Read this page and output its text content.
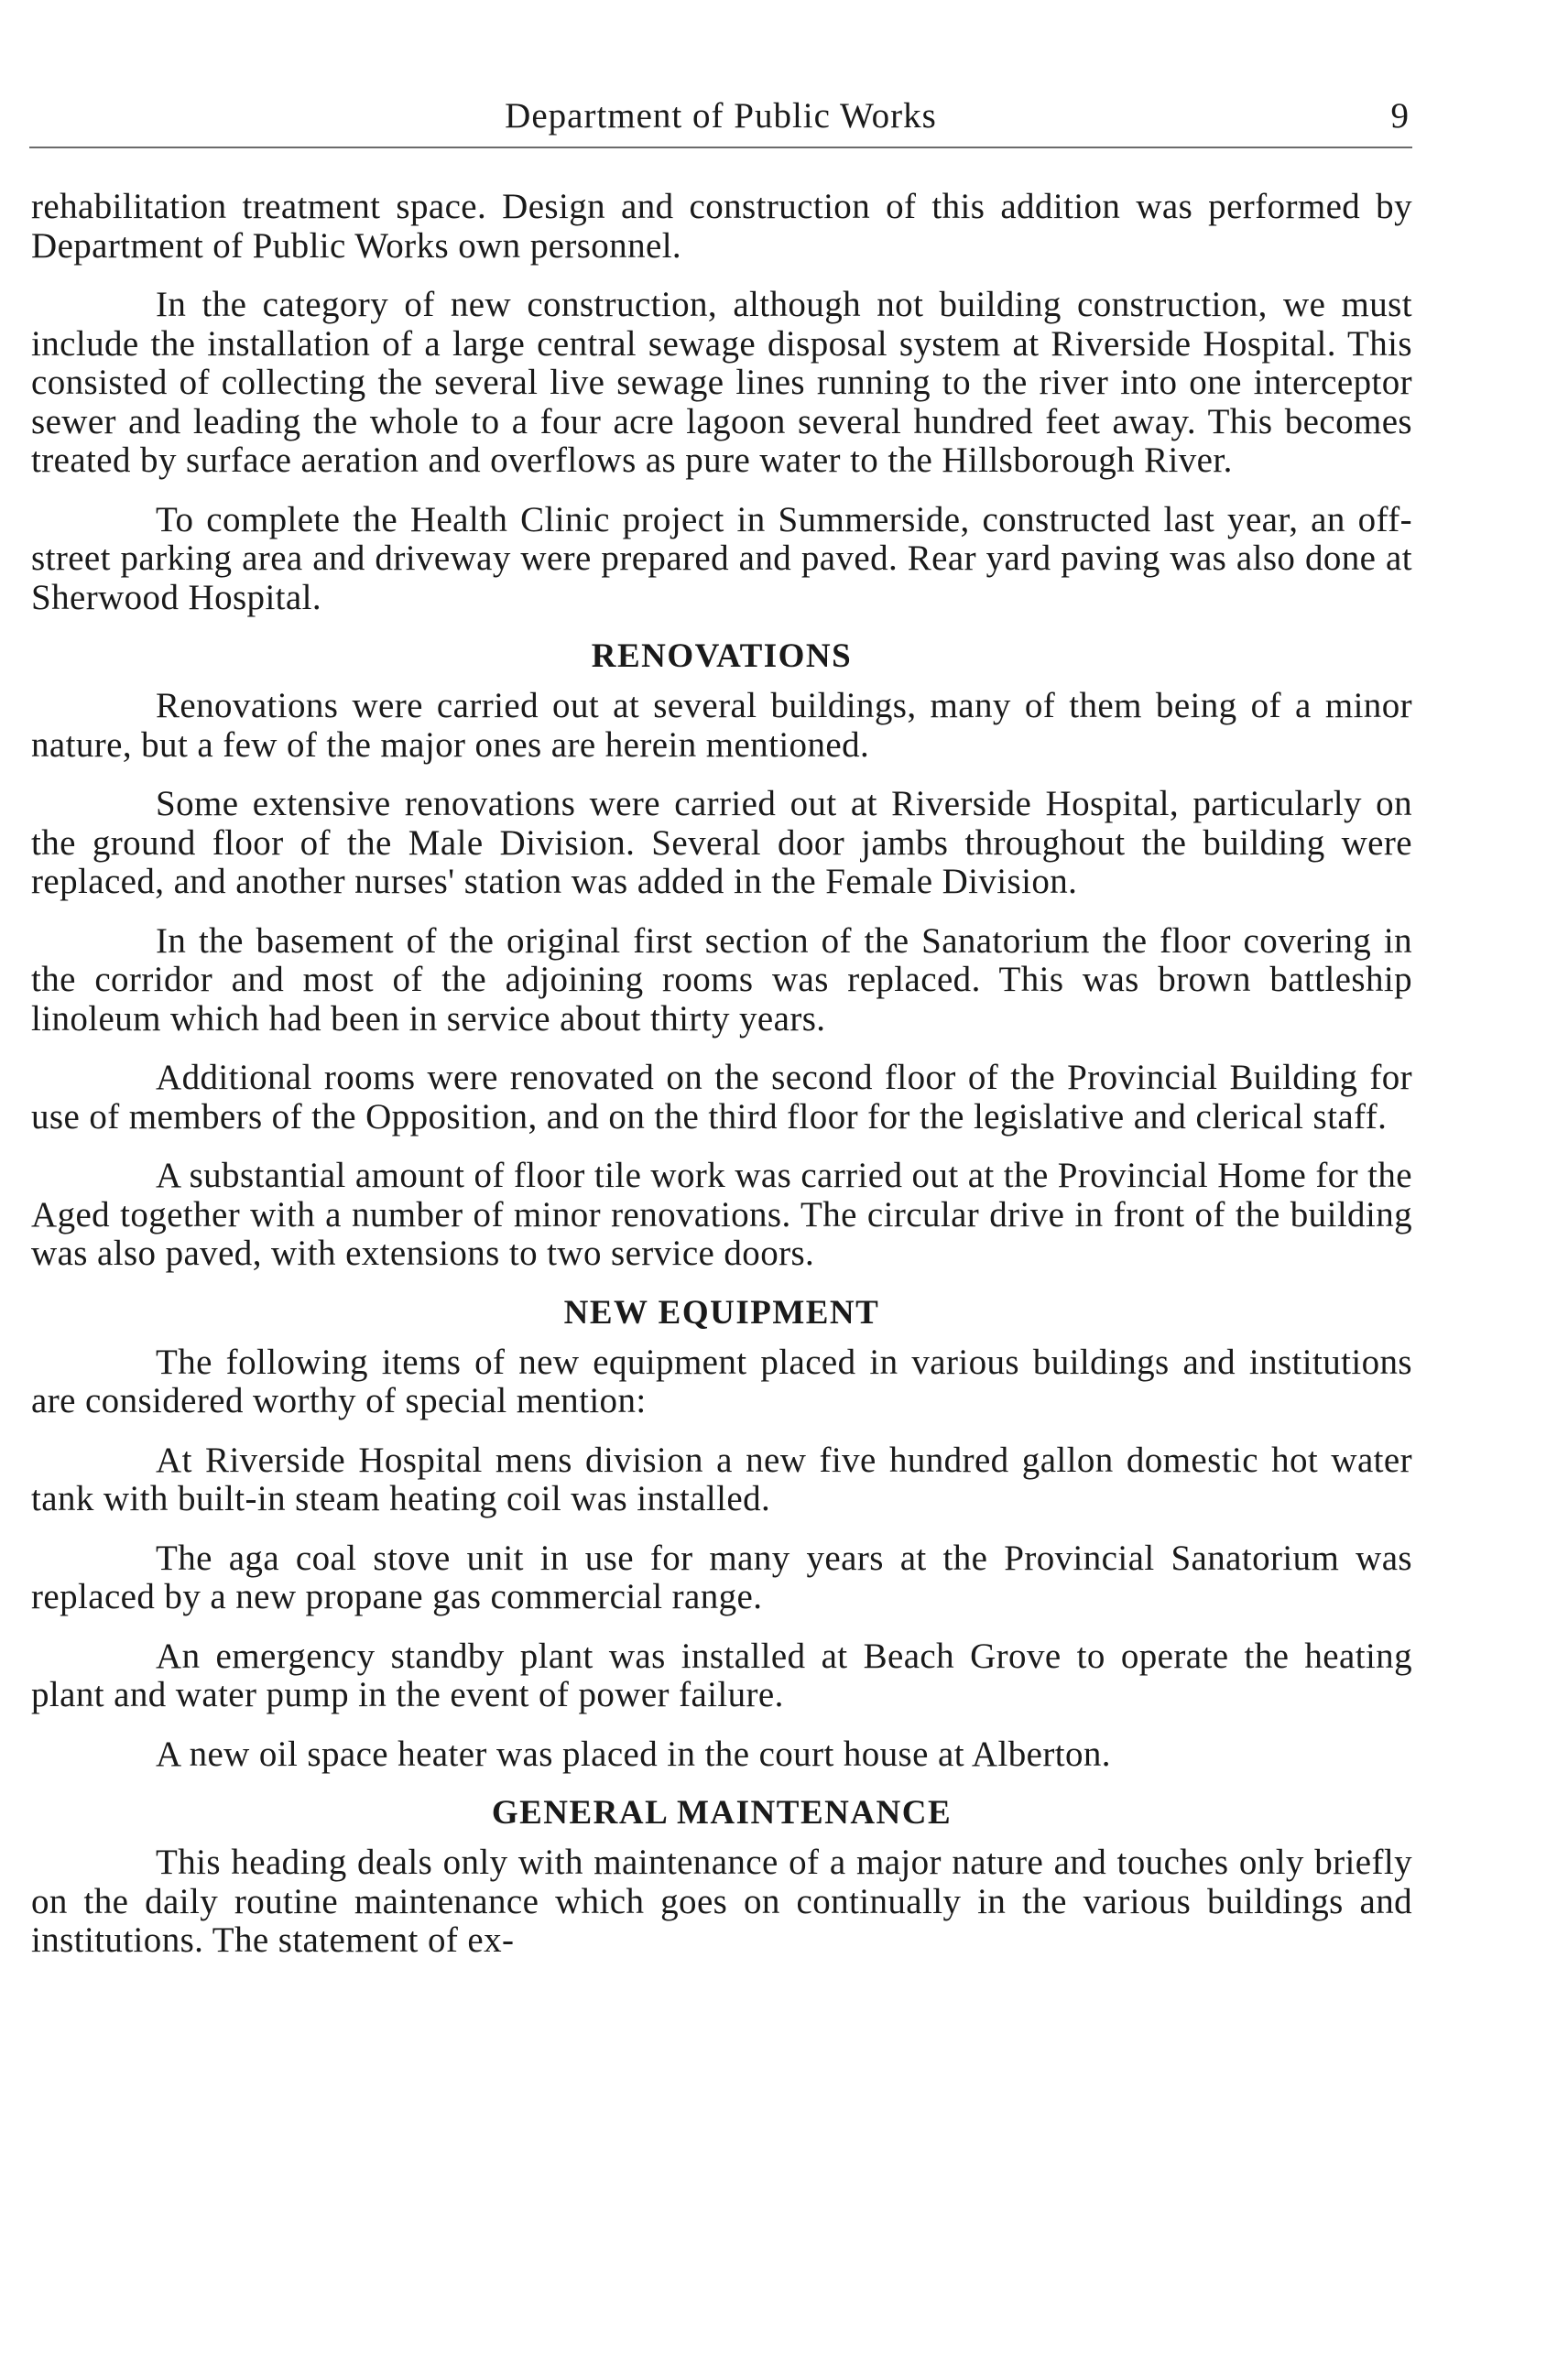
Department of Public Works	9

rehabilitation treatment space. Design and construction of this addition was performed by Department of Public Works own personnel.

In the category of new construction, although not building construction, we must include the installation of a large central sewage disposal system at Riverside Hospital. This consisted of collecting the several live sewage lines running to the river into one interceptor sewer and leading the whole to a four acre lagoon several hundred feet away. This becomes treated by surface aeration and overflows as pure water to the Hillsborough River.

To complete the Health Clinic project in Summerside, constructed last year, an off-street parking area and driveway were prepared and paved. Rear yard paving was also done at Sherwood Hospital.

RENOVATIONS

Renovations were carried out at several buildings, many of them being of a minor nature, but a few of the major ones are herein mentioned.

Some extensive renovations were carried out at Riverside Hospital, particularly on the ground floor of the Male Division. Several door jambs throughout the building were replaced, and another nurses' station was added in the Female Division.

In the basement of the original first section of the Sanatorium the floor covering in the corridor and most of the adjoining rooms was replaced. This was brown battleship linoleum which had been in service about thirty years.

Additional rooms were renovated on the second floor of the Provincial Building for use of members of the Opposition, and on the third floor for the legislative and clerical staff.

A substantial amount of floor tile work was carried out at the Provincial Home for the Aged together with a number of minor renovations. The circular drive in front of the building was also paved, with extensions to two service doors.

NEW EQUIPMENT

The following items of new equipment placed in various buildings and institutions are considered worthy of special mention:

At Riverside Hospital mens division a new five hundred gallon domestic hot water tank with built-in steam heating coil was installed.

The aga coal stove unit in use for many years at the Provincial Sanatorium was replaced by a new propane gas commercial range.

An emergency standby plant was installed at Beach Grove to operate the heating plant and water pump in the event of power failure.

A new oil space heater was placed in the court house at Alberton.

GENERAL MAINTENANCE

This heading deals only with maintenance of a major nature and touches only briefly on the daily routine maintenance which goes on continually in the various buildings and institutions. The statement of ex-
